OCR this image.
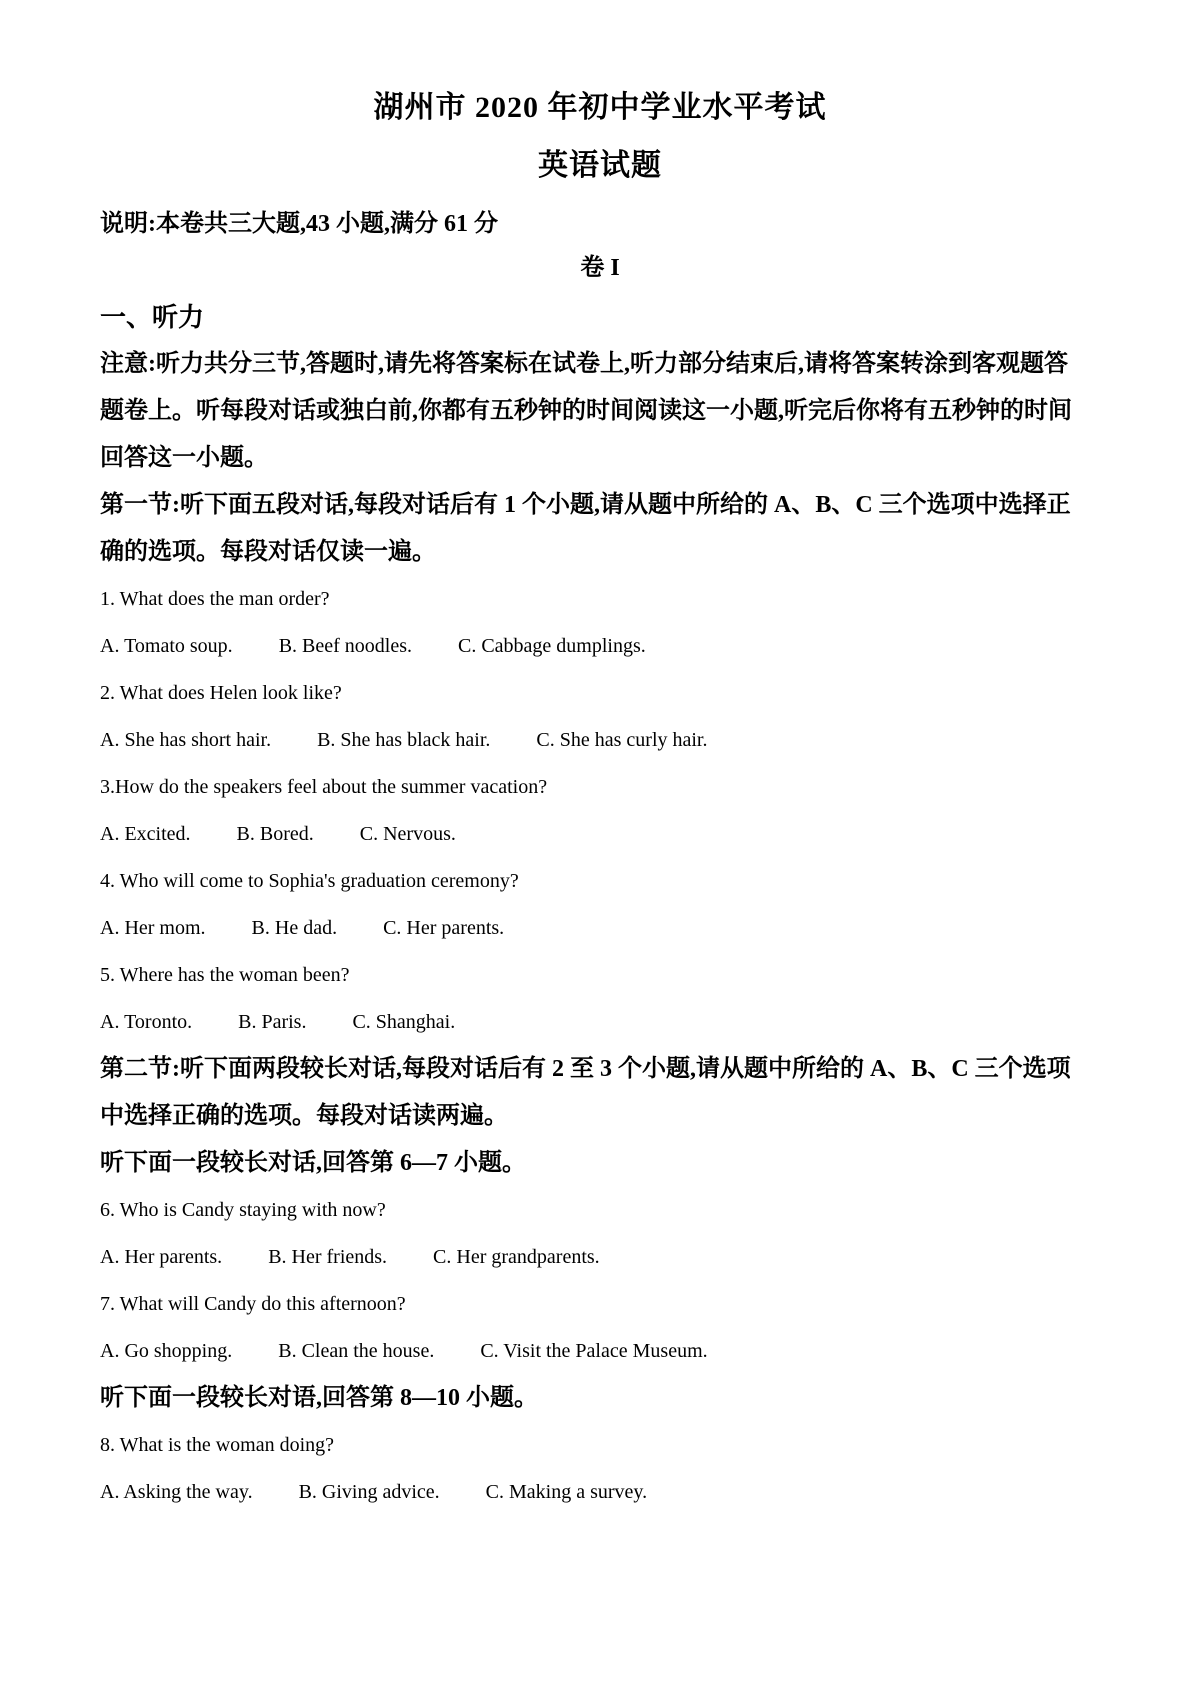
湖州市 2020 年初中学业水平考试
英语试题

说明:本卷共三大题,43 小题,满分 61 分

卷 I
一、听力
注意:听力共分三节,答题时,请先将答案标在试卷上,听力部分结束后,请将答案转涂到客观题答
题卷上。听每段对话或独白前,你都有五秒钟的时间阅读这一小题,听完后你将有五秒钟的时间
回答这一小题。
第一节:听下面五段对话,每段对话后有 1 个小题,请从题中所给的 A、B、C 三个选项中选择正
确的选项。每段对话仅读一遍。
1. What does the man order?
A. Tomato soup. B. Beef noodles. C. Cabbage dumplings.
2. What does Helen look like?
A. She has short hair. B. She has black hair. C. She has curly hair.
3.How do the speakers feel about the summer vacation?
A. Excited. B. Bored. C. Nervous.
4. Who will come to Sophia's graduation ceremony?
A. Her mom. B. He dad. C. Her parents.
5. Where has the woman been?
A. Toronto. B. Paris. C. Shanghai.
第二节:听下面两段较长对话,每段对话后有 2 至 3 个小题,请从题中所给的 A、B、C 三个选项
中选择正确的选项。每段对话读两遍。
听下面一段较长对话,回答第 6—7 小题。
6. Who is Candy staying with now?
A. Her parents. B. Her friends. C. Her grandparents.
7. What will Candy do this afternoon?
A. Go shopping. B. Clean the house. C. Visit the Palace Museum.
听下面一段较长对语,回答第 8—10 小题。
8. What is the woman doing?
A. Asking the way. B. Giving advice. C. Making a survey.
